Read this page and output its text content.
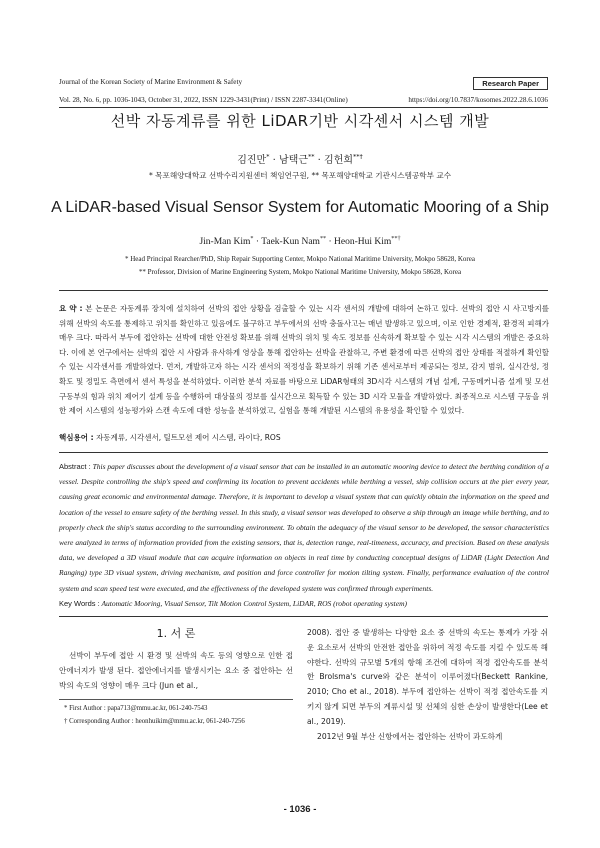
Journal of the Korean Society of Marine Environment & Safety	Research Paper
Vol. 28, No. 6, pp. 1036-1043, October 31, 2022, ISSN 1229-3431(Print) / ISSN 2287-3341(Online)	https://doi.org/10.7837/kosomes.2022.28.6.1036
선박 자동계류를 위한 LiDAR기반 시각센서 시스템 개발
김진만* · 남택근** · 김헌희**†
* 목포해양대학교 선박수리지원센터 책임연구원, ** 목포해양대학교 기관시스템공학부 교수
A LiDAR-based Visual Sensor System for Automatic Mooring of a Ship
Jin-Man Kim* · Taek-Kun Nam** · Heon-Hui Kim**†
* Head Principal Rearcher/PhD, Ship Repair Supporting Center, Mokpo National Maritime University, Mokpo 58628, Korea
** Professor, Division of Marine Engineering System, Mokpo National Maritime University, Mokpo 58628, Korea
요 약 : 본 논문은 자동계류 장치에 설치하여 선박의 접안 상황을 검출할 수 있는 시각 센서의 개발에 대하여 논하고 있다. 선박의 접안 시 사고방지를 위해 선박의 속도를 통제하고 위치를 확인하고 있음에도 불구하고 부두에서의 선박 충돌사고는 매년 발생하고 있으며, 이로 인한 경제적, 환경적 피해가 매우 크다. 따라서 부두에 접안하는 선박에 대한 안전성 확보를 위해 선박의 위치 및 속도 정보를 신속하게 확보할 수 있는 시각 시스템의 개발은 중요하다. 이에 본 연구에서는 선박의 접안 시 사람과 유사하게 영상을 통해 접안하는 선박을 관찰하고, 주변 환경에 따른 선박의 접안 상태를 적절하게 확인할 수 있는 시각센서를 개발하였다. 먼저, 개발하고자 하는 시각 센서의 적정성을 확보하기 위해 기존 센서로부터 제공되는 정보, 감지 범위, 실시간성, 정확도 및 정밀도 측면에서 센서 특성을 분석하였다. 이러한 분석 자료를 바탕으로 LiDAR형태의 3D시각 시스템의 개념 설계, 구동메커니즘 설계 및 모션 구동부의 힘과 위치 제어기 설계 등을 수행하여 대상물의 정보를 실시간으로 획득할 수 있는 3D 시각 모듈을 개발하였다. 최종적으로 시스템 구동을 위한 제어 시스템의 성능평가와 스캔 속도에 대한 성능을 분석하였고, 실험을 통해 개발된 시스템의 유용성을 확인할 수 있었다.
핵심용어 : 자동계류, 시각센서, 틸트모션 제어 시스템, 라이다, ROS
Abstract : This paper discusses about the development of a visual sensor that can be installed in an automatic mooring device to detect the berthing condition of a vessel. Despite controlling the ship's speed and confirming its location to prevent accidents while berthing a vessel, ship collision occurs at the pier every year, causing great economic and environmental damage. Therefore, it is important to develop a visual system that can quickly obtain the information on the speed and location of the vessel to ensure safety of the berthing vessel. In this study, a visual sensor was developed to observe a ship through an image while berthing, and to properly check the ship's status according to the surrounding environment. To obtain the adequacy of the visual sensor to be developed, the sensor characteristics were analyzed in terms of information provided from the existing sensors, that is, detection range, real-timeness, accuracy, and precision. Based on these analysis data, we developed a 3D visual module that can acquire information on objects in real time by conducting conceptual designs of LiDAR (Light Detection And Ranging) type 3D visual system, driving mechanism, and position and force controller for motion tilting system. Finally, performance evaluation of the control system and scan speed test were executed, and the effectiveness of the developed system was confirmed through experiments.
Key Words : Automatic Mooring, Visual Sensor, Tilt Motion Control System, LiDAR, ROS (robot operating system)
1. 서 론
선박이 부두에 접안 시 환경 및 선박의 속도 등의 영향으로 인한 접안에너지가 발생 된다. 접안에너지를 발생시키는 요소 중 접안하는 선박의 속도의 영향이 매우 크다 (Jun et al.,
* First Author : papa713@mmu.ac.kr, 061-240-7543
† Corresponding Author : heonhuikim@mmu.ac.kr, 061-240-7256

2008). 접안 중 발생하는 다양한 요소 중 선박의 속도는 통제가 가장 쉬운 요소로서 선박의 안전한 접안을 위하여 적정 속도를 지킬 수 있도록 해야한다. 선박의 규모별 5개의 항해 조건에 대하여 적정 접안속도를 분석한 Brolsma's curve와 같은 분석이 이루어졌다(Beckett Rankine, 2010; Cho et al., 2018). 부두에 접안하는 선박이 적정 접안속도를 지키지 않게 되면 부두의 계류시설 및 선체의 심한 손상이 발생한다(Lee et al., 2019).

2012년 9월 부산 신항에서는 접안하는 선박이 과도하게

- 1036 -
